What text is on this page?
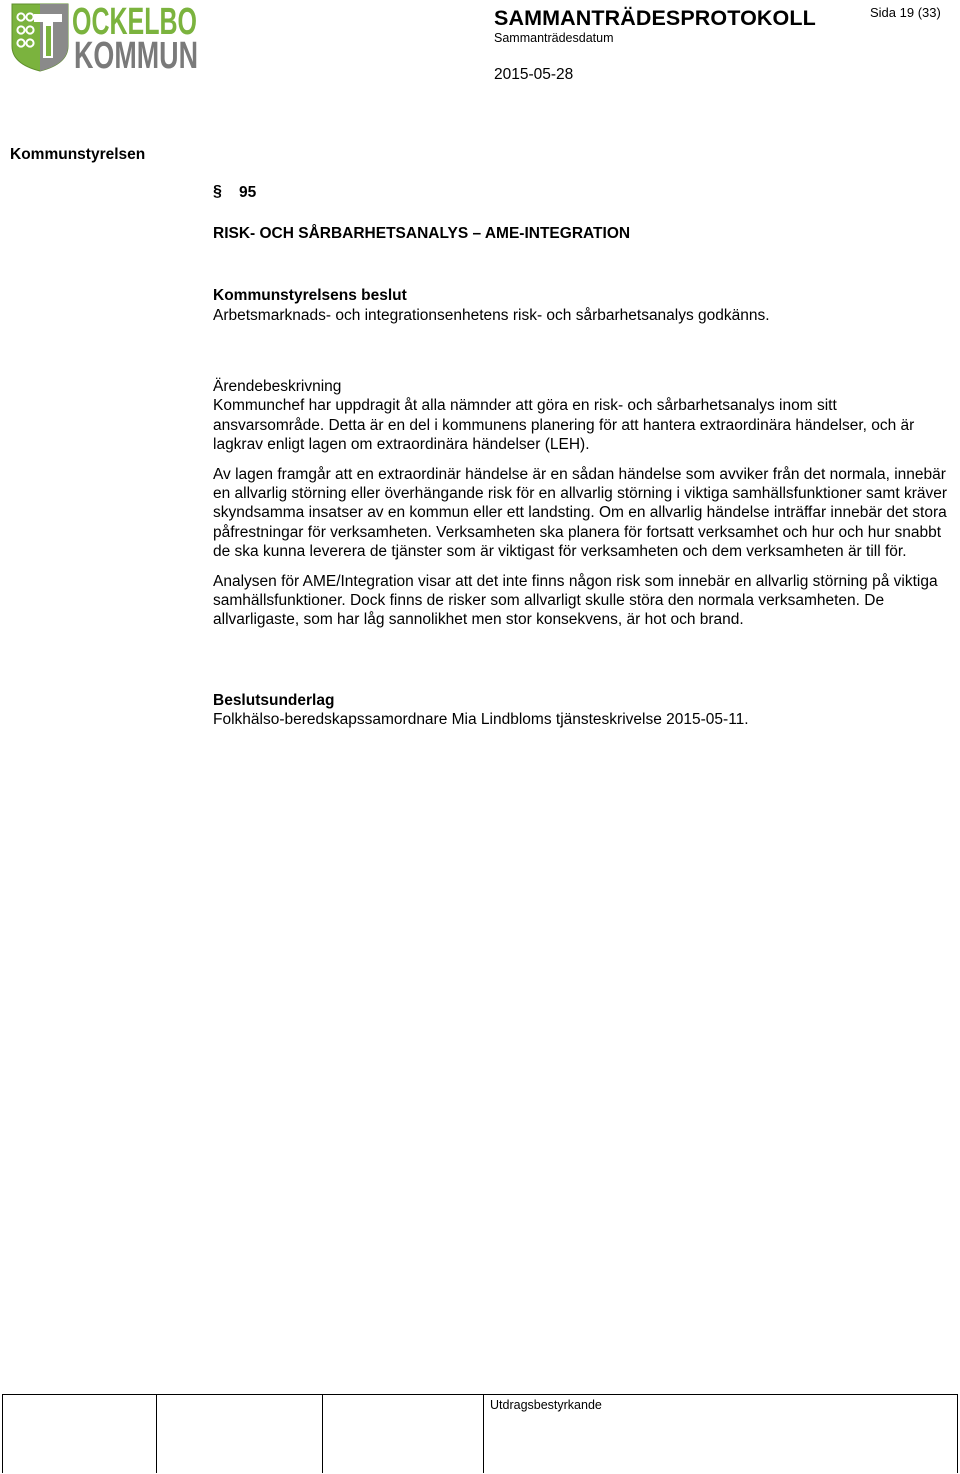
OCKELBO
KOMMUN
SAMMANTRÄDESPROTOKOLL
Sammanträdesdatum
2015-05-28
Sida 19 (33)
Kommunstyrelsen
§ 95
RISK- OCH SÅRBARHETSANALYS – AME-INTEGRATION

Kommunstyrelsens beslut

Arbetsmarknads- och integrationsenhetens risk- och sårbarhetsanalys godkänns.

Ärendebeskrivning

Kommunchef har uppdragit åt alla nämnder att göra en risk- och sårbarhetsanalys inom sitt ansvarsområde. Detta är en del i kommunens planering för att hantera extraordinära händelser, och är lagkrav enligt lagen om extraordinära händelser (LEH).

Av lagen framgår att en extraordinär händelse är en sådan händelse som avviker från det normala, innebär en allvarlig störning eller överhängande risk för en allvarlig störning i viktiga samhällsfunktioner samt kräver skyndsamma insatser av en kommun eller ett landsting. Om en allvarlig händelse inträffar innebär det stora påfrestningar för verksamheten. Verksamheten ska planera för fortsatt verksamhet och hur och hur snabbt de ska kunna leverera de tjänster som är viktigast för verksamheten och dem verksamheten är till för.

Analysen för AME/Integration visar att det inte finns någon risk som innebär en allvarlig störning på viktiga samhällsfunktioner. Dock finns de risker som allvarligt skulle störa den normala verksamheten. De allvarligaste, som har låg sannolikhet men stor konsekvens, är hot och brand.

Beslutsunderlag

Folkhälso-beredskapssamordnare Mia Lindbloms tjänsteskrivelse 2015-05-11.

Utdragsbestyrkande
